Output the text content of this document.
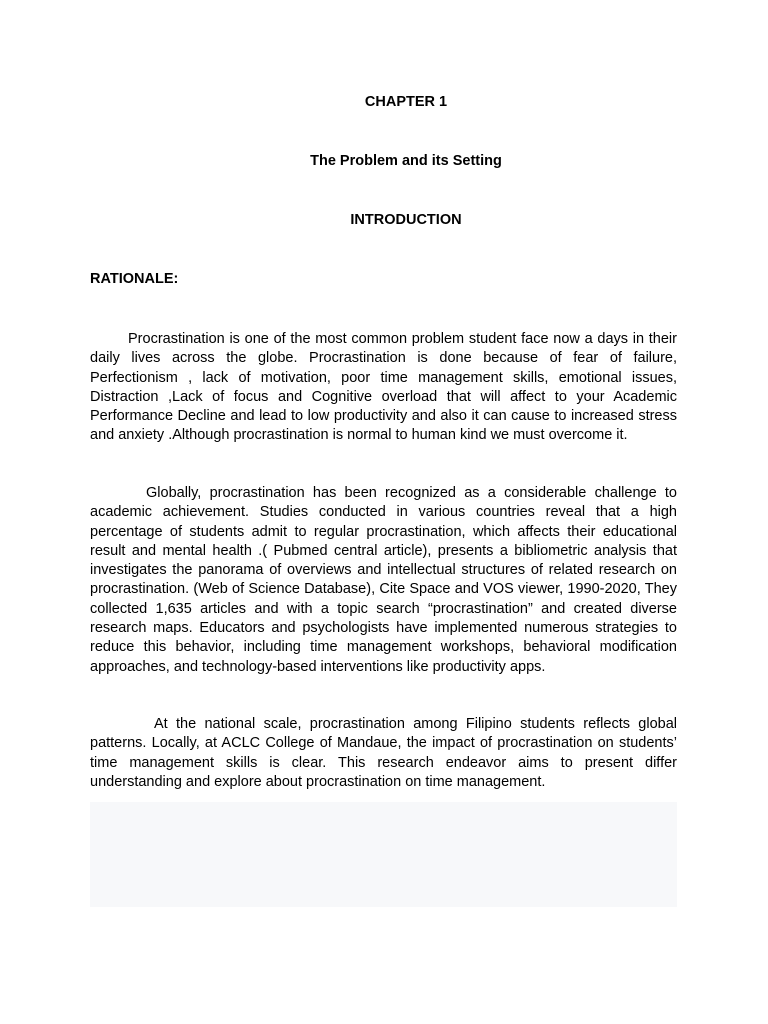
CHAPTER 1
The Problem and its Setting
INTRODUCTION
RATIONALE:

Procrastination is one of the most common problem student face now a days in their daily lives across the globe. Procrastination is done because of fear of failure, Perfectionism , lack of motivation, poor time management skills, emotional issues, Distraction ,Lack of focus and Cognitive overload that will affect to your Academic Performance Decline and lead to low productivity and also it can cause to increased stress and anxiety .Although procrastination is normal to human kind we must overcome it.

Globally, procrastination has been recognized as a considerable challenge to academic achievement. Studies conducted in various countries reveal that a high percentage of students admit to regular procrastination, which affects their educational result and mental health .( Pubmed central article), presents a bibliometric analysis that investigates the panorama of overviews and intellectual structures of related research on procrastination. (Web of Science Database), Cite Space and VOS viewer, 1990-2020, They collected 1,635 articles and with a topic search “procrastination” and created diverse research maps. Educators and psychologists have implemented numerous strategies to reduce this behavior, including time management workshops, behavioral modification approaches, and technology-based interventions like productivity apps.

At the national scale, procrastination among Filipino students reflects global patterns. Locally, at ACLC College of Mandaue, the impact of procrastination on students’ time management skills is clear. This research endeavor aims to present differ understanding and explore about procrastination on time management.
